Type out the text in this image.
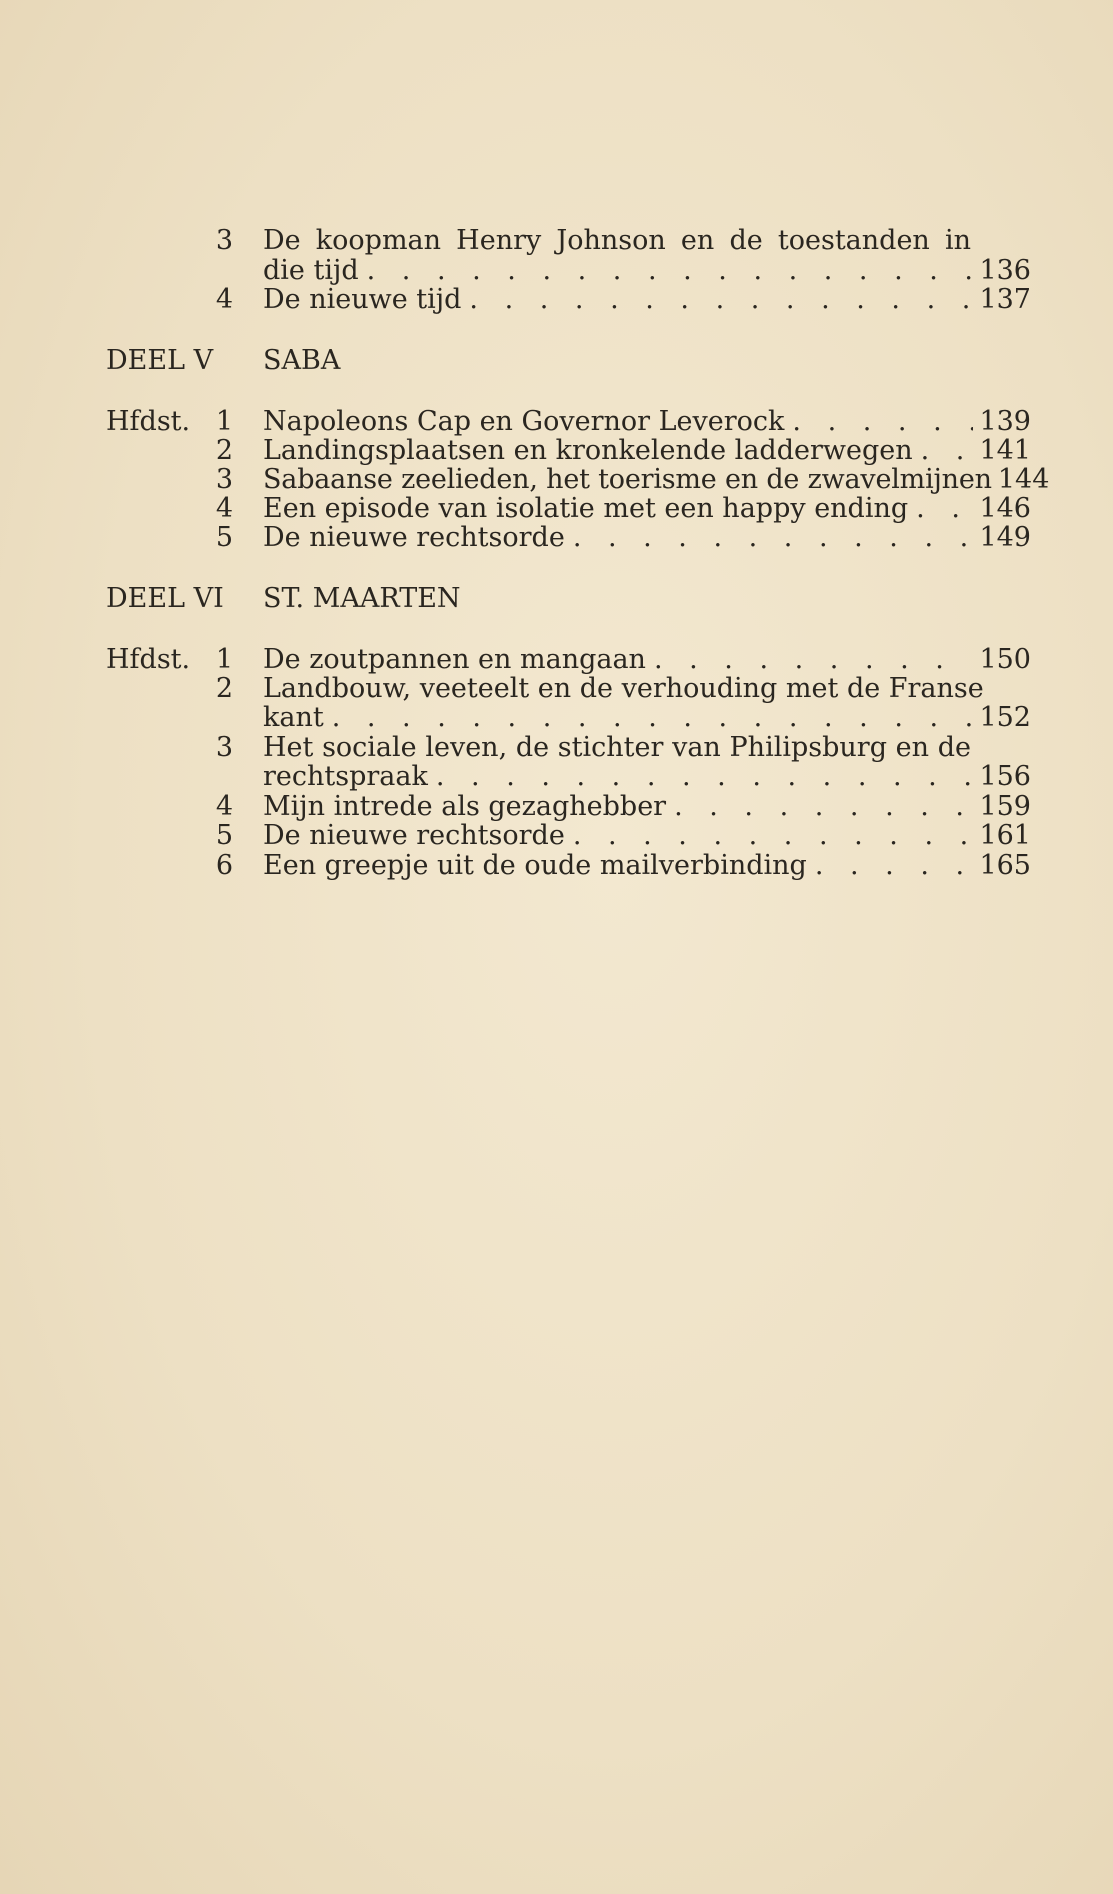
3 De koopman Henry Johnson en de toestanden in
die tijd . . .	136
4 De nieuwe tijd . . .	137
DEEL V SABA
Hfdst. 1 Napoleons Cap en Governor Leverock . . .	139
2 Landingsplaatsen en kronkelende ladderwegen . . . 141
3 Sabaanse zeelieden, het toerisme en de zwavelmijnen 144
4 Een episode van isolatie met een happy ending . . .	146
5 De nieuwe rechtsorde . . .	149
DEEL VI ST. MAARTEN
Hfdst. 1 De zoutpannen en mangaan . . .	150
2 Landbouw, veeteelt en de verhouding met de Franse
kant . . .	152
3 Het sociale leven, de stichter van Philipsburg en de
rechtspraak . . .	156
4 Mijn intrede als gezaghebber . . .	159
5 De nieuwe rechtsorde . . .	161
6 Een greepje uit de oude mailverbinding . . .	165
